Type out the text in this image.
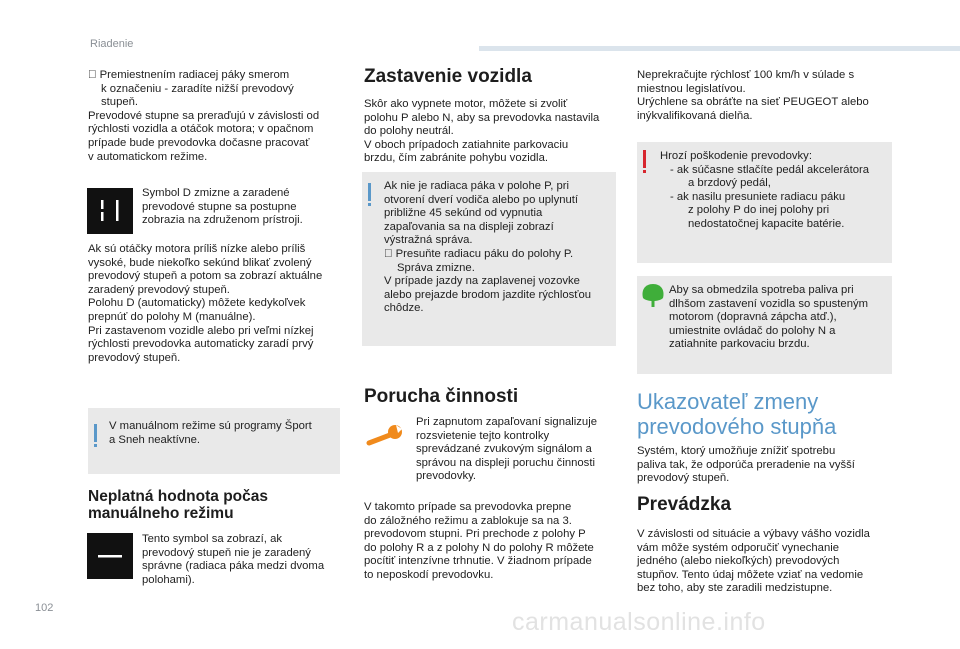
Riadenie
Premiestnením radiacej páky smerom
k označeniu - zaradíte nižší prevodový
stupeň.
Prevodové stupne sa preraďujú v závislosti od
rýchlosti vozidla a otáčok motora; v opačnom
prípade bude prevodovka dočasne pracovať
v automatickom režime.
Symbol D zmizne a zaradené
prevodové stupne sa postupne
zobrazia na združenom prístroji.
Ak sú otáčky motora príliš nízke alebo príliš
vysoké, bude niekoľko sekúnd blikať zvolený
prevodový stupeň a potom sa zobrazí aktuálne
zaradený prevodový stupeň.
Polohu D (automaticky) môžete kedykoľvek
prepnúť do polohy M (manuálne).
Pri zastavenom vozidle alebo pri veľmi nízkej
rýchlosti prevodovka automaticky zaradí prvý
prevodový stupeň.
V manuálnom režime sú programy Šport
a Sneh neaktívne.
Neplatná hodnota počas
manuálneho režimu
Tento symbol sa zobrazí, ak
prevodový stupeň nie je zaradený
správne (radiaca páka medzi dvoma
polohami).
Zastavenie vozidla
Skôr ako vypnete motor, môžete si zvoliť
polohu P alebo N, aby sa prevodovka nastavila
do polohy neutrál.
V oboch prípadoch zatiahnite parkovaciu
brzdu, čím zabránite pohybu vozidla.
Ak nie je radiaca páka v polohe P, pri
otvorení dverí vodiča alebo po uplynutí
približne 45 sekúnd od vypnutia
zapaľovania sa na displeji zobrazí
výstražná správa.
Presuňte radiacu páku do polohy P.
Správa zmizne.
V prípade jazdy na zaplavenej vozovke
alebo prejazde brodom jazdite rýchlosťou
chôdze.
Porucha činnosti
Pri zapnutom zapaľovaní signalizuje
rozsvietenie tejto kontrolky
sprevádzané zvukovým signálom a
správou na displeji poruchu činnosti
prevodovky.
V takomto prípade sa prevodovka prepne
do záložného režimu a zablokuje sa na 3.
prevodovom stupni. Pri prechode z polohy P
do polohy R a z polohy N do polohy R môžete
pocítiť intenzívne trhnutie. V žiadnom prípade
to neposkodí prevodovku.
Neprekračujte rýchlosť 100 km/h v súlade s
miestnou legislatívou.
Urýchlene sa obráťte na sieť PEUGEOT alebo
inýkvalifikovaná dielňa.
Hrozí poškodenie prevodovky:
- ak súčasne stlačíte pedál akcelerátora
a brzdový pedál,
- ak nasilu presuniete radiacu páku
z polohy P do inej polohy pri
nedostatočnej kapacite batérie.
Aby sa obmedzila spotreba paliva pri
dlhšom zastavení vozidla so spusteným
motorom (dopravná zápcha atď.),
umiestnite ovládač do polohy N a
zatiahnite parkovaciu brzdu.
Ukazovateľ zmeny
prevodového stupňa
Systém, ktorý umožňuje znížiť spotrebu
paliva tak, že odporúča preradenie na vyšší
prevodový stupeň.
Prevádzka
V závislosti od situácie a výbavy vášho vozidla
vám môže systém odporučiť vynechanie
jedného (alebo niekoľkých) prevodových
stupňov. Tento údaj môžete vziať na vedomie
bez toho, aby ste zaradili medzistupne.
102	carmanualsonline.info
